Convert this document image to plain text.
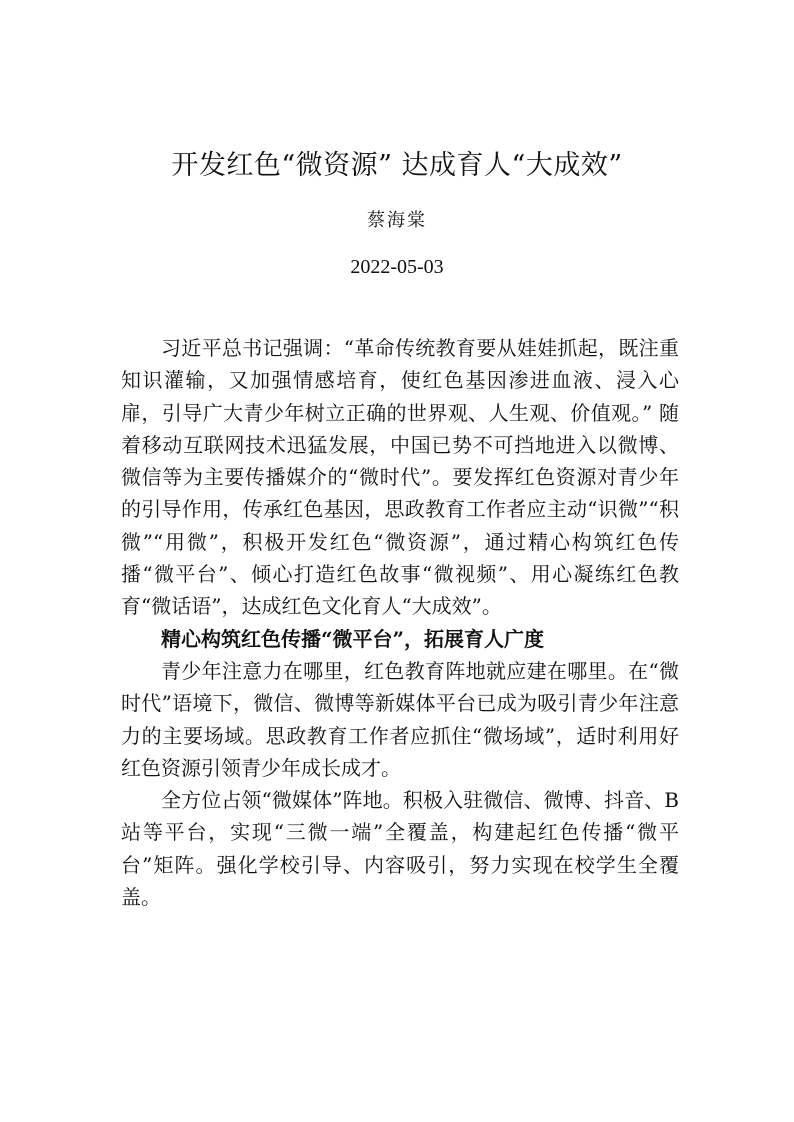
开发红色“微资源” 达成育人“大成效”
蔡海棠
2022-05-03

习近平总书记强调：“革命传统教育要从娃娃抓起，既注重知识灌输，又加强情感培育，使红色基因渗进血液、浸入心扉，引导广大青少年树立正确的世界观、人生观、价值观。” 随着移动互联网技术迅猛发展，中国已势不可挡地进入以微博、微信等为主要传播媒介的“微时代”。要发挥红色资源对青少年的引导作用，传承红色基因，思政教育工作者应主动“识微”“积微”“用微”，积极开发红色“微资源”，通过精心构筑红色传播“微平台”、倾心打造红色故事“微视频”、用心凝练红色教育“微话语”，达成红色文化育人“大成效”。

精心构筑红色传播“微平台”，拓展育人广度

青少年注意力在哪里，红色教育阵地就应建在哪里。在“微时代”语境下，微信、微博等新媒体平台已成为吸引青少年注意力的主要场域。思政教育工作者应抓住“微场域”，适时利用好红色资源引领青少年成长成才。

全方位占领“微媒体”阵地。积极入驻微信、微博、抖音、B站等平台，实现“三微一端”全覆盖，构建起红色传播“微平台”矩阵。强化学校引导、内容吸引，努力实现在校学生全覆盖。
